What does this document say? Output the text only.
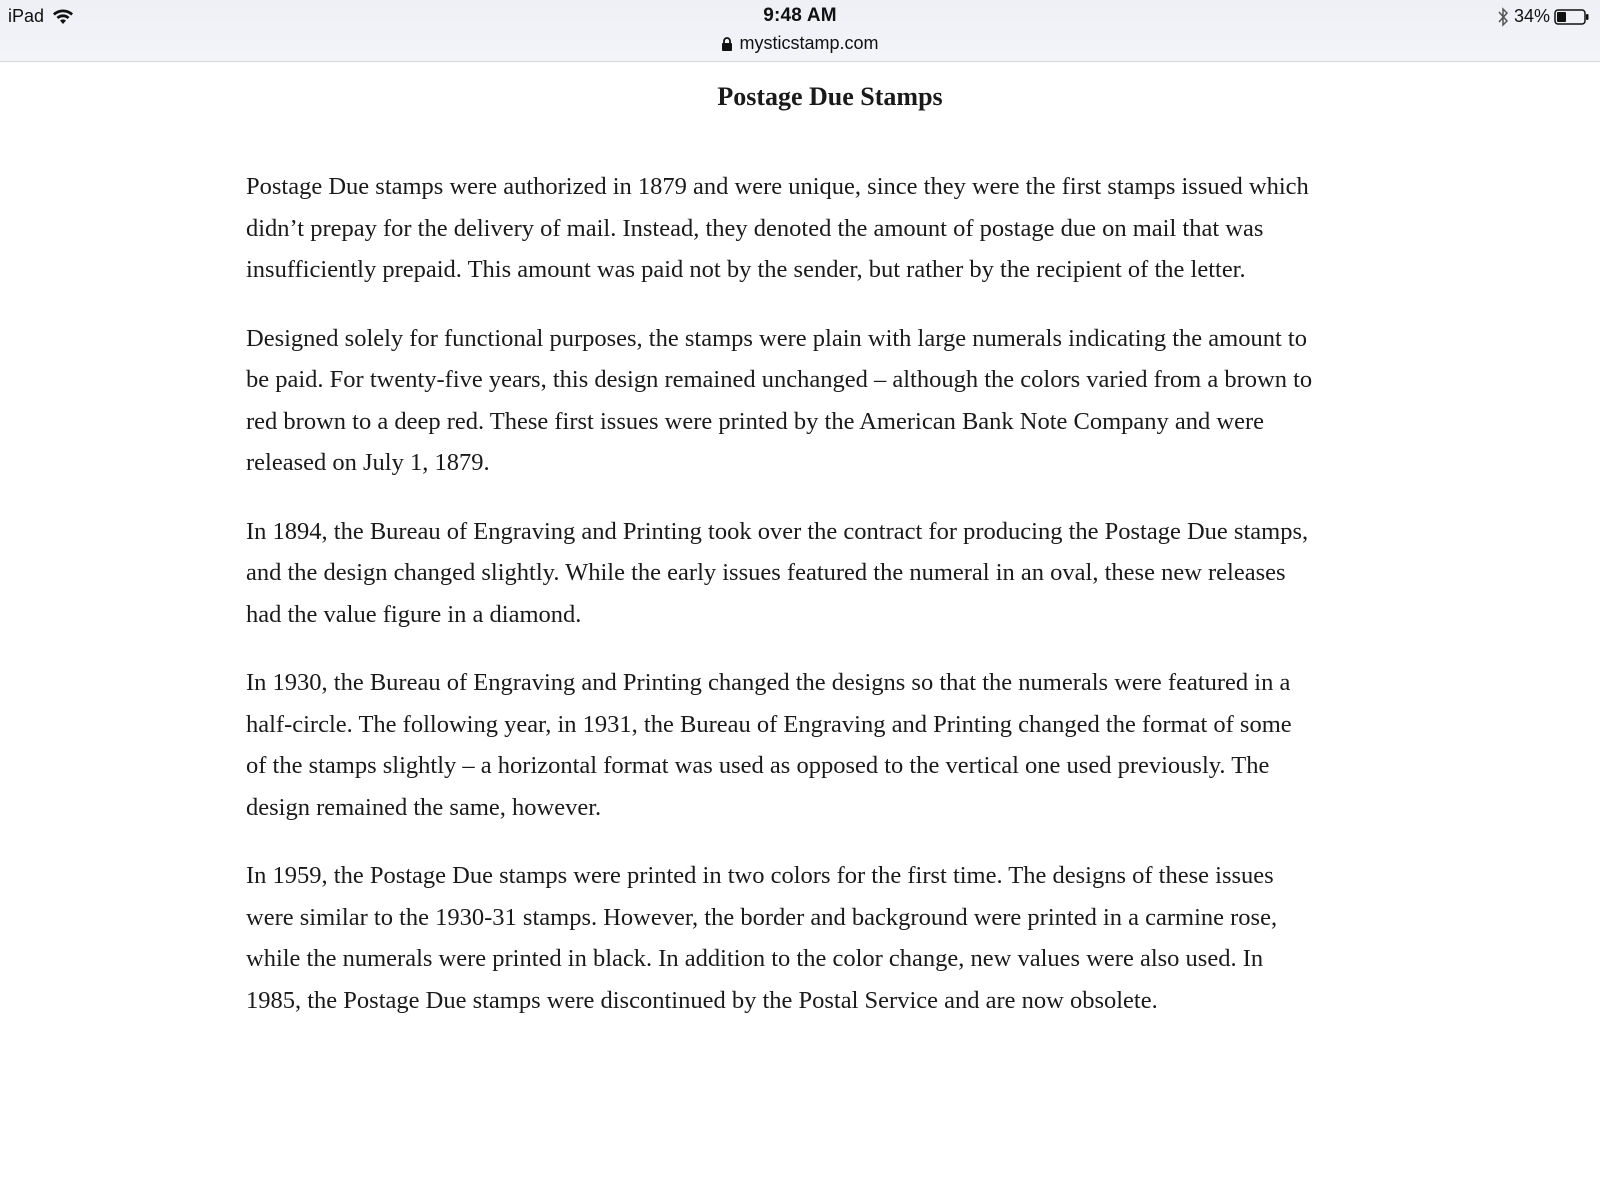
iPad	9:48 AM
mysticstamp.com
34%
Postage Due Stamps

Postage Due stamps were authorized in 1879 and were unique, since they were the first stamps issued which didn’t prepay for the delivery of mail. Instead, they denoted the amount of postage due on mail that was insufficiently prepaid. This amount was paid not by the sender, but rather by the recipient of the letter.

Designed solely for functional purposes, the stamps were plain with large numerals indicating the amount to be paid. For twenty-five years, this design remained unchanged – although the colors varied from a brown to red brown to a deep red. These first issues were printed by the American Bank Note Company and were released on July 1, 1879.

In 1894, the Bureau of Engraving and Printing took over the contract for producing the Postage Due stamps, and the design changed slightly. While the early issues featured the numeral in an oval, these new releases had the value figure in a diamond.

In 1930, the Bureau of Engraving and Printing changed the designs so that the numerals were featured in a half-circle. The following year, in 1931, the Bureau of Engraving and Printing changed the format of some of the stamps slightly – a horizontal format was used as opposed to the vertical one used previously. The design remained the same, however.

In 1959, the Postage Due stamps were printed in two colors for the first time. The designs of these issues were similar to the 1930-31 stamps. However, the border and background were printed in a carmine rose, while the numerals were printed in black. In addition to the color change, new values were also used. In 1985, the Postage Due stamps were discontinued by the Postal Service and are now obsolete.
